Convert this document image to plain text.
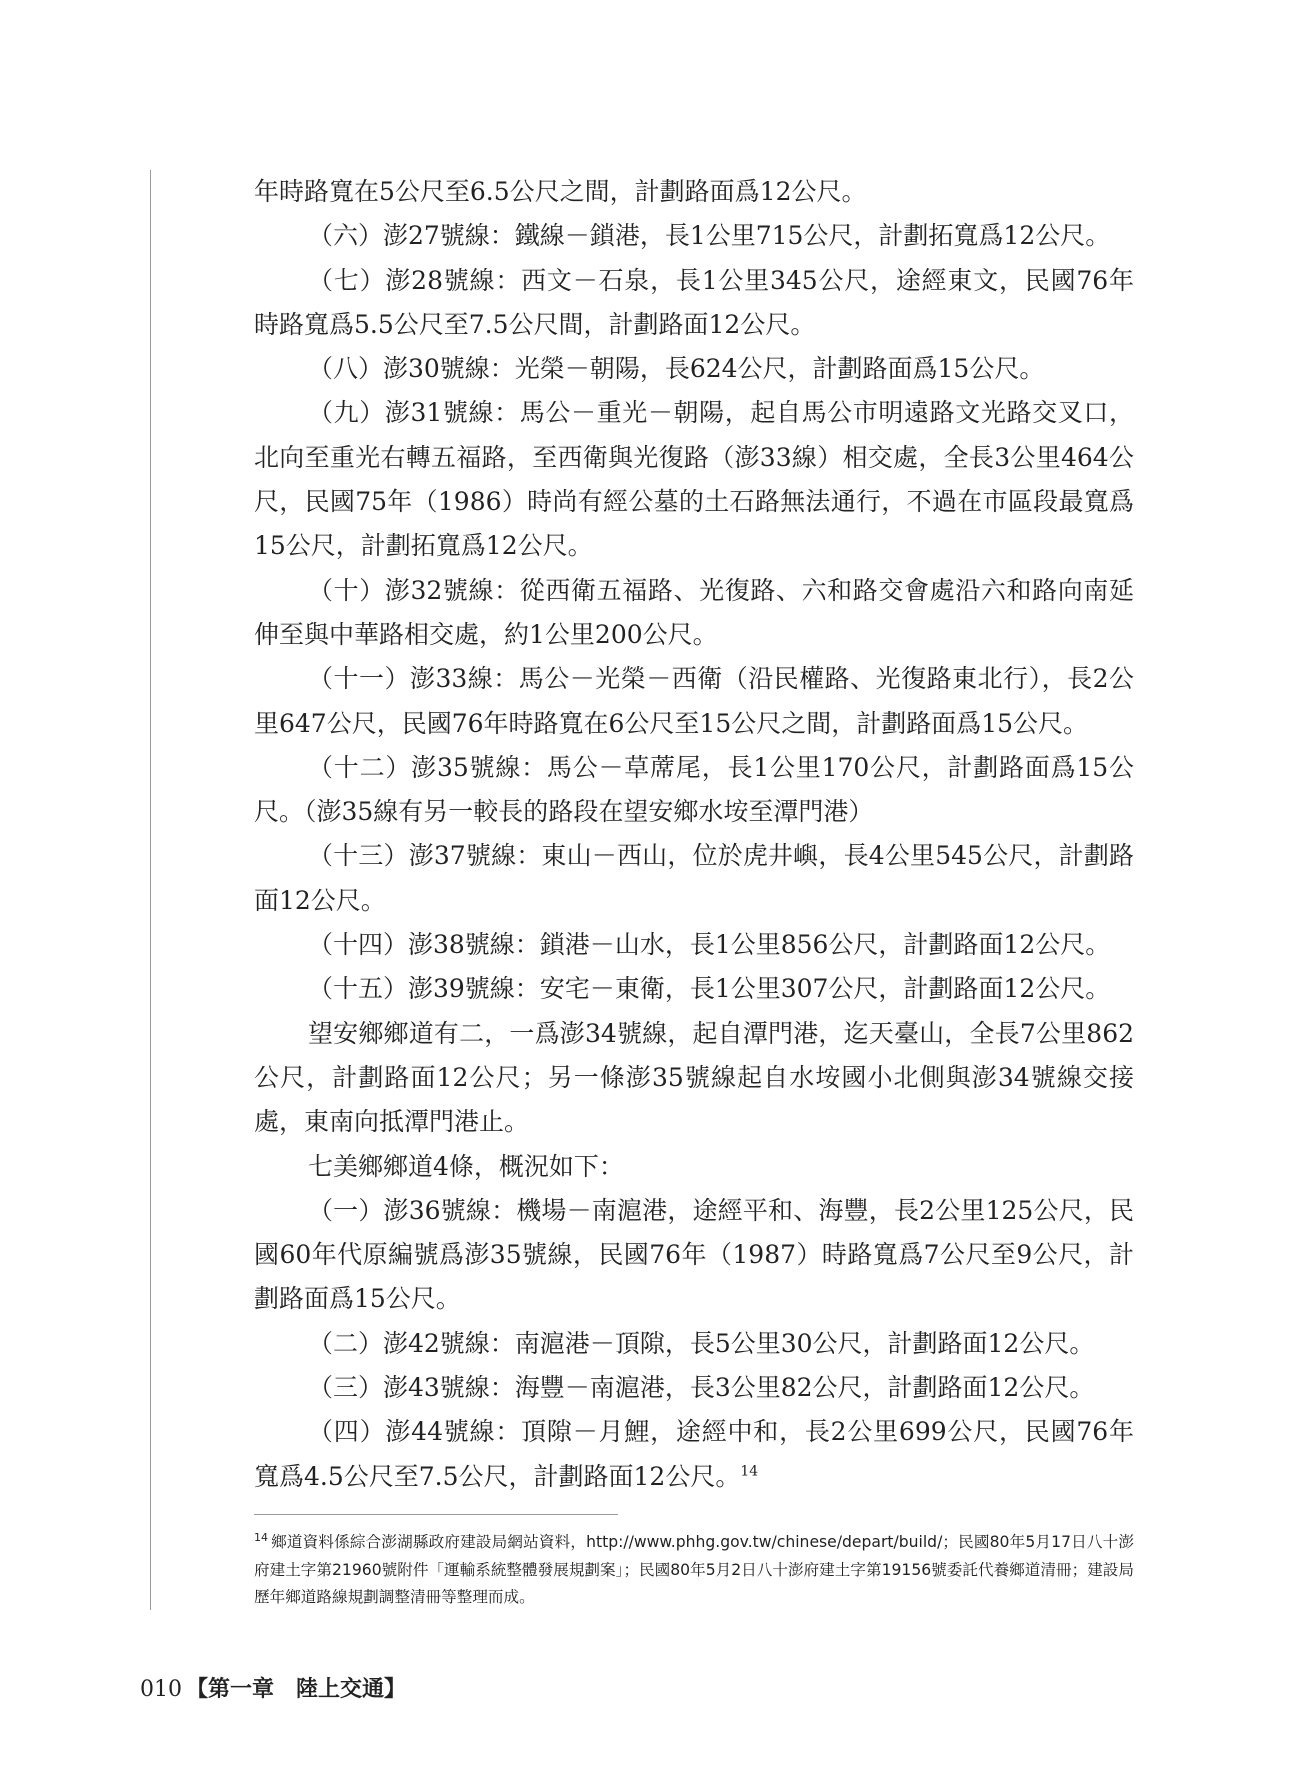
年時路寬在5公尺至6.5公尺之間，計劃路面爲12公尺。

（六）澎27號線：鐵線－鎖港，長1公里715公尺，計劃拓寬爲12公尺。

（七）澎28號線：西文－石泉，長1公里345公尺，途經東文，民國76年時路寬爲5.5公尺至7.5公尺間，計劃路面12公尺。

（八）澎30號線：光榮－朝陽，長624公尺，計劃路面爲15公尺。

（九）澎31號線：馬公－重光－朝陽，起自馬公市明遠路文光路交叉口，北向至重光右轉五福路，至西衛與光復路（澎33線）相交處，全長3公里464公尺，民國75年（1986）時尚有經公墓的土石路無法通行，不過在市區段最寬爲15公尺，計劃拓寬爲12公尺。

（十）澎32號線：從西衛五福路、光復路、六和路交會處沿六和路向南延伸至與中華路相交處，約1公里200公尺。

（十一）澎33線：馬公－光榮－西衛（沿民權路、光復路東北行），長2公里647公尺，民國76年時路寬在6公尺至15公尺之間，計劃路面爲15公尺。

（十二）澎35號線：馬公－草蓆尾，長1公里170公尺，計劃路面爲15公尺。（澎35線有另一較長的路段在望安鄉水垵至潭門港）

（十三）澎37號線：東山－西山，位於虎井嶼，長4公里545公尺，計劃路面12公尺。

（十四）澎38號線：鎖港－山水，長1公里856公尺，計劃路面12公尺。

（十五）澎39號線：安宅－東衛，長1公里307公尺，計劃路面12公尺。

望安鄉鄉道有二，一爲澎34號線，起自潭門港，迄天臺山，全長7公里862公尺，計劃路面12公尺；另一條澎35號線起自水垵國小北側與澎34號線交接處，東南向抵潭門港止。

七美鄉鄉道4條，概況如下：

（一）澎36號線：機場－南滬港，途經平和、海豐，長2公里125公尺，民國60年代原編號爲澎35號線，民國76年（1987）時路寬爲7公尺至9公尺，計劃路面爲15公尺。

（二）澎42號線：南滬港－頂隙，長5公里30公尺，計劃路面12公尺。

（三）澎43號線：海豐－南滬港，長3公里82公尺，計劃路面12公尺。

（四）澎44號線：頂隙－月鯉，途經中和，長2公里699公尺，民國76年寬爲4.5公尺至7.5公尺，計劃路面12公尺。$^{14}$

$^{14}$ 鄉道資料係綜合澎湖縣政府建設局網站資料，http://www.phhg.gov.tw/chinese/depart/build/；民國80年5月17日八十澎府建土字第21960號附件「運輸系統整體發展規劃案」；民國80年5月2日八十澎府建土字第19156號委託代養鄉道清冊；建設局歷年鄉道路線規劃調整清冊等整理而成。
010 【第一章　陸上交通】
